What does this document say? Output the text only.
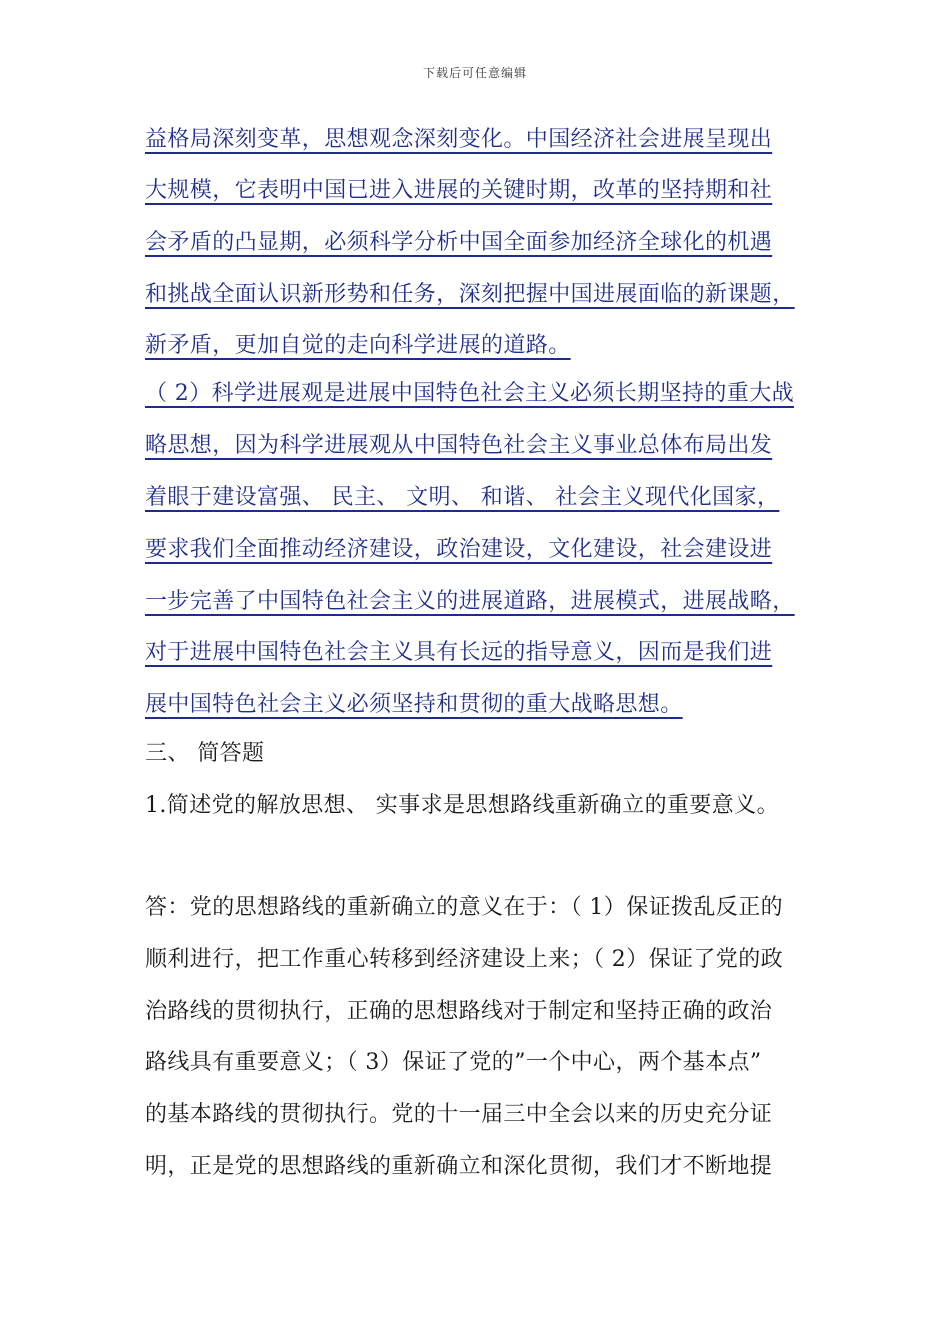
下载后可任意编辑
益格局深刻变革，思想观念深刻变化。中国经济社会进展呈现出
大规模，它表明中国已进入进展的关键时期，改革的坚持期和社
会矛盾的凸显期，必须科学分析中国全面参加经济全球化的机遇
和挑战全面认识新形势和任务，深刻把握中国进展面临的新课题，
新矛盾，更加自觉的走向科学进展的道路。
（ 2）科学进展观是进展中国特色社会主义必须长期坚持的重大战
略思想，因为科学进展观从中国特色社会主义事业总体布局出发
着眼于建设富强、 民主、 文明、 和谐、 社会主义现代化国家，
要求我们全面推动经济建设，政治建设，文化建设，社会建设进
一步完善了中国特色社会主义的进展道路，进展模式，进展战略，
对于进展中国特色社会主义具有长远的指导意义，因而是我们进
展中国特色社会主义必须坚持和贯彻的重大战略思想。
三、 简答题
1.简述党的解放思想、 实事求是思想路线重新确立的重要意义。
答：党的思想路线的重新确立的意义在于：（ 1）保证拨乱反正的
顺利进行，把工作重心转移到经济建设上来；（ 2）保证了党的政
治路线的贯彻执行，正确的思想路线对于制定和坚持正确的政治
路线具有重要意义；（ 3）保证了党的”一个中心，两个基本点”
的基本路线的贯彻执行。党的十一届三中全会以来的历史充分证
明，正是党的思想路线的重新确立和深化贯彻，我们才不断地提
